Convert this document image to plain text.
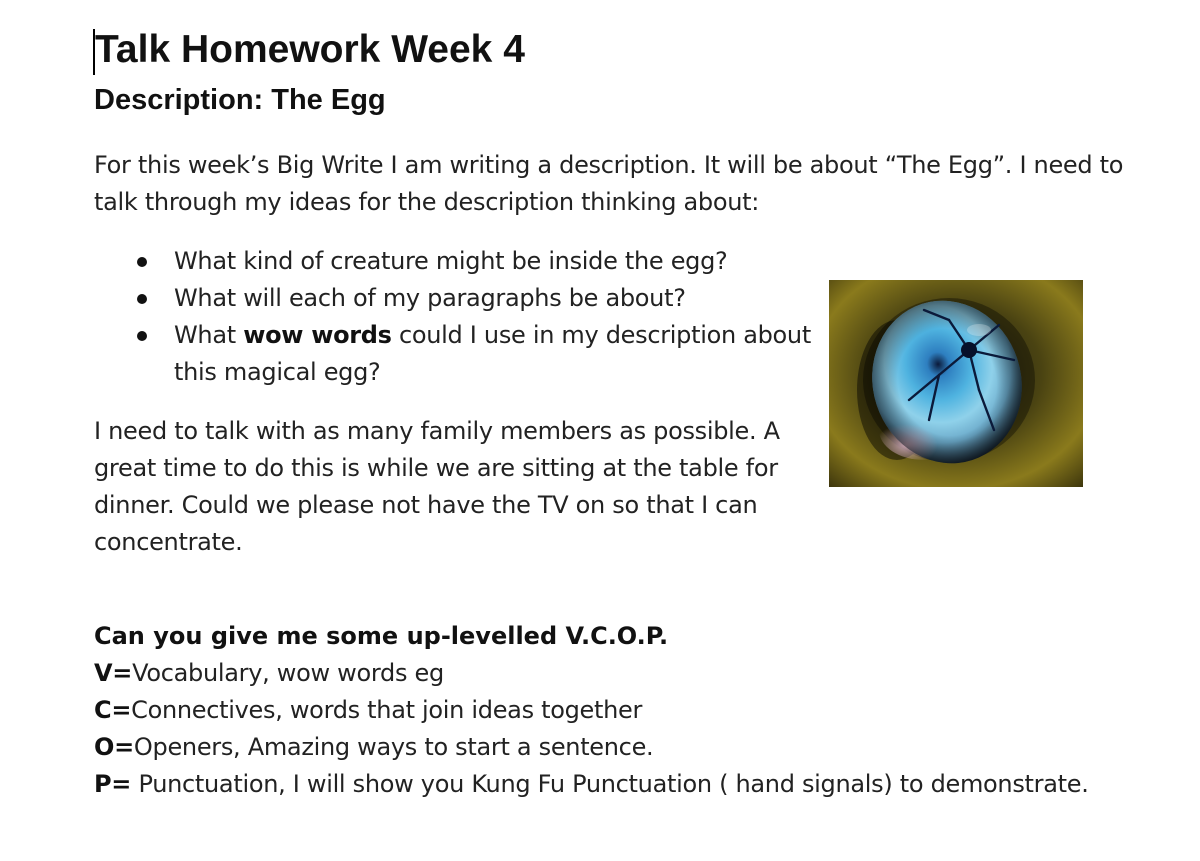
Talk Homework Week 4
Description: The Egg

For this week’s Big Write I am writing a description. It will be about “The Egg”. I need to talk through my ideas for the description thinking about:

What kind of creature might be inside the egg?
What will each of my paragraphs be about?
What wow words could I use in my description about this magical egg?

I need to talk with as many family members as possible. A great time to do this is while we are sitting at the table for dinner. Could we please not have the TV on so that I can concentrate.

Can you give me some up-levelled V.C.O.P.
V=Vocabulary, wow words eg
C=Connectives, words that join ideas together
O=Openers, Amazing ways to start a sentence.
P= Punctuation, I will show you Kung Fu Punctuation ( hand signals) to demonstrate.
